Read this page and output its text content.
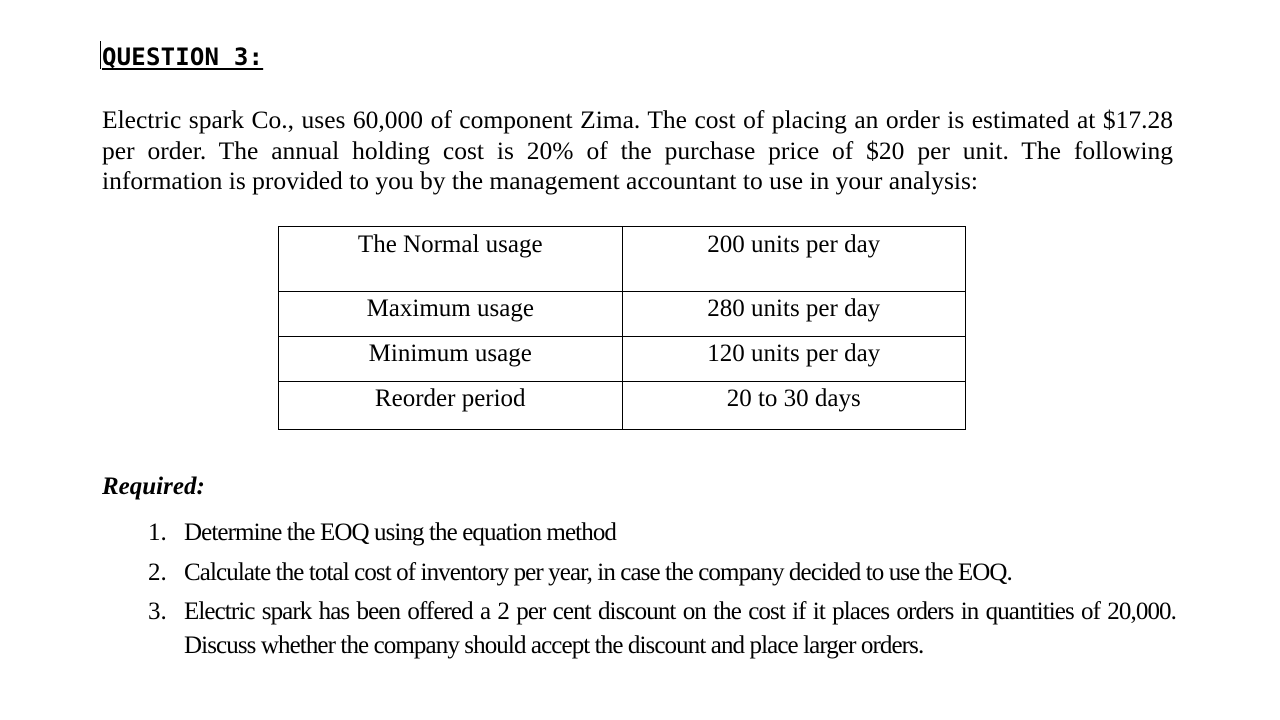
QUESTION 3:

Electric spark Co., uses 60,000 of component Zima. The cost of placing an order is estimated at $17.28 per order. The annual holding cost is 20% of the purchase price of $20 per unit. The following information is provided to you by the management accountant to use in your analysis:

The Normal usage	200 units per day
Maximum usage	280 units per day
Minimum usage	120 units per day
Reorder period	20 to 30 days
Required:
1. Determine the EOQ using the equation method
2. Calculate the total cost of inventory per year, in case the company decided to use the EOQ.
3. Electric spark has been offered a 2 per cent discount on the cost if it places orders in quantities of 20,000. Discuss whether the company should accept the discount and place larger orders.
